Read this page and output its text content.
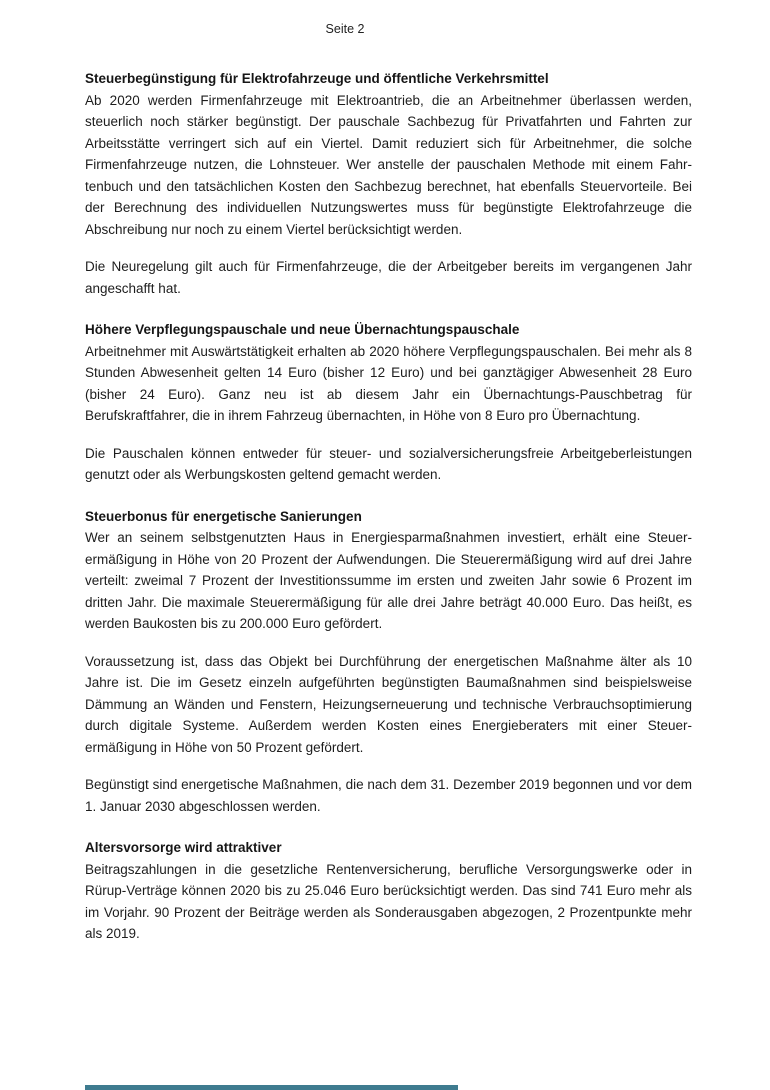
Seite 2
Steuerbegünstigung für Elektrofahrzeuge und öffentliche Verkehrsmittel

Ab 2020 werden Firmenfahrzeuge mit Elektroantrieb, die an Arbeitnehmer überlassen werden, steuerlich noch stärker begünstigt. Der pauschale Sachbezug für Privatfahrten und Fahrten zur Arbeitsstätte verringert sich auf ein Viertel. Damit reduziert sich für Arbeitnehmer, die solche Firmenfahrzeuge nutzen, die Lohnsteuer. Wer anstelle der pauschalen Methode mit einem Fahrtenbuch und den tatsächlichen Kosten den Sachbezug berechnet, hat ebenfalls Steuervorteile. Bei der Berechnung des individuellen Nutzungswertes muss für begünstigte Elektrofahrzeuge die Abschreibung nur noch zu einem Viertel berücksichtigt werden.

Die Neuregelung gilt auch für Firmenfahrzeuge, die der Arbeitgeber bereits im vergangenen Jahr angeschafft hat.

Höhere Verpflegungspauschale und neue Übernachtungspauschale

Arbeitnehmer mit Auswärtstätigkeit erhalten ab 2020 höhere Verpflegungspauschalen. Bei mehr als 8 Stunden Abwesenheit gelten 14 Euro (bisher 12 Euro) und bei ganztägiger Abwesenheit 28 Euro (bisher 24 Euro). Ganz neu ist ab diesem Jahr ein Übernachtungs-Pauschbetrag für Berufskraftfahrer, die in ihrem Fahrzeug übernachten, in Höhe von 8 Euro pro Übernachtung.

Die Pauschalen können entweder für steuer- und sozialversicherungsfreie Arbeitgeberleistungen genutzt oder als Werbungskosten geltend gemacht werden.

Steuerbonus für energetische Sanierungen

Wer an seinem selbstgenutzten Haus in Energiesparmaßnahmen investiert, erhält eine Steuerermäßigung in Höhe von 20 Prozent der Aufwendungen. Die Steuerermäßigung wird auf drei Jahre verteilt: zweimal 7 Prozent der Investitionssumme im ersten und zweiten Jahr sowie 6 Prozent im dritten Jahr. Die maximale Steuerermäßigung für alle drei Jahre beträgt 40.000 Euro. Das heißt, es werden Baukosten bis zu 200.000 Euro gefördert.

Voraussetzung ist, dass das Objekt bei Durchführung der energetischen Maßnahme älter als 10 Jahre ist. Die im Gesetz einzeln aufgeführten begünstigten Baumaßnahmen sind beispielsweise Dämmung an Wänden und Fenstern, Heizungserneuerung und technische Verbrauchsoptimierung durch digitale Systeme. Außerdem werden Kosten eines Energieberaters mit einer Steuerermäßigung in Höhe von 50 Prozent gefördert.

Begünstigt sind energetische Maßnahmen, die nach dem 31. Dezember 2019 begonnen und vor dem 1. Januar 2030 abgeschlossen werden.

Altersvorsorge wird attraktiver

Beitragszahlungen in die gesetzliche Rentenversicherung, berufliche Versorgungswerke oder in Rürup-Verträge können 2020 bis zu 25.046 Euro berücksichtigt werden. Das sind 741 Euro mehr als im Vorjahr. 90 Prozent der Beiträge werden als Sonderausgaben abgezogen, 2 Prozentpunkte mehr als 2019.
